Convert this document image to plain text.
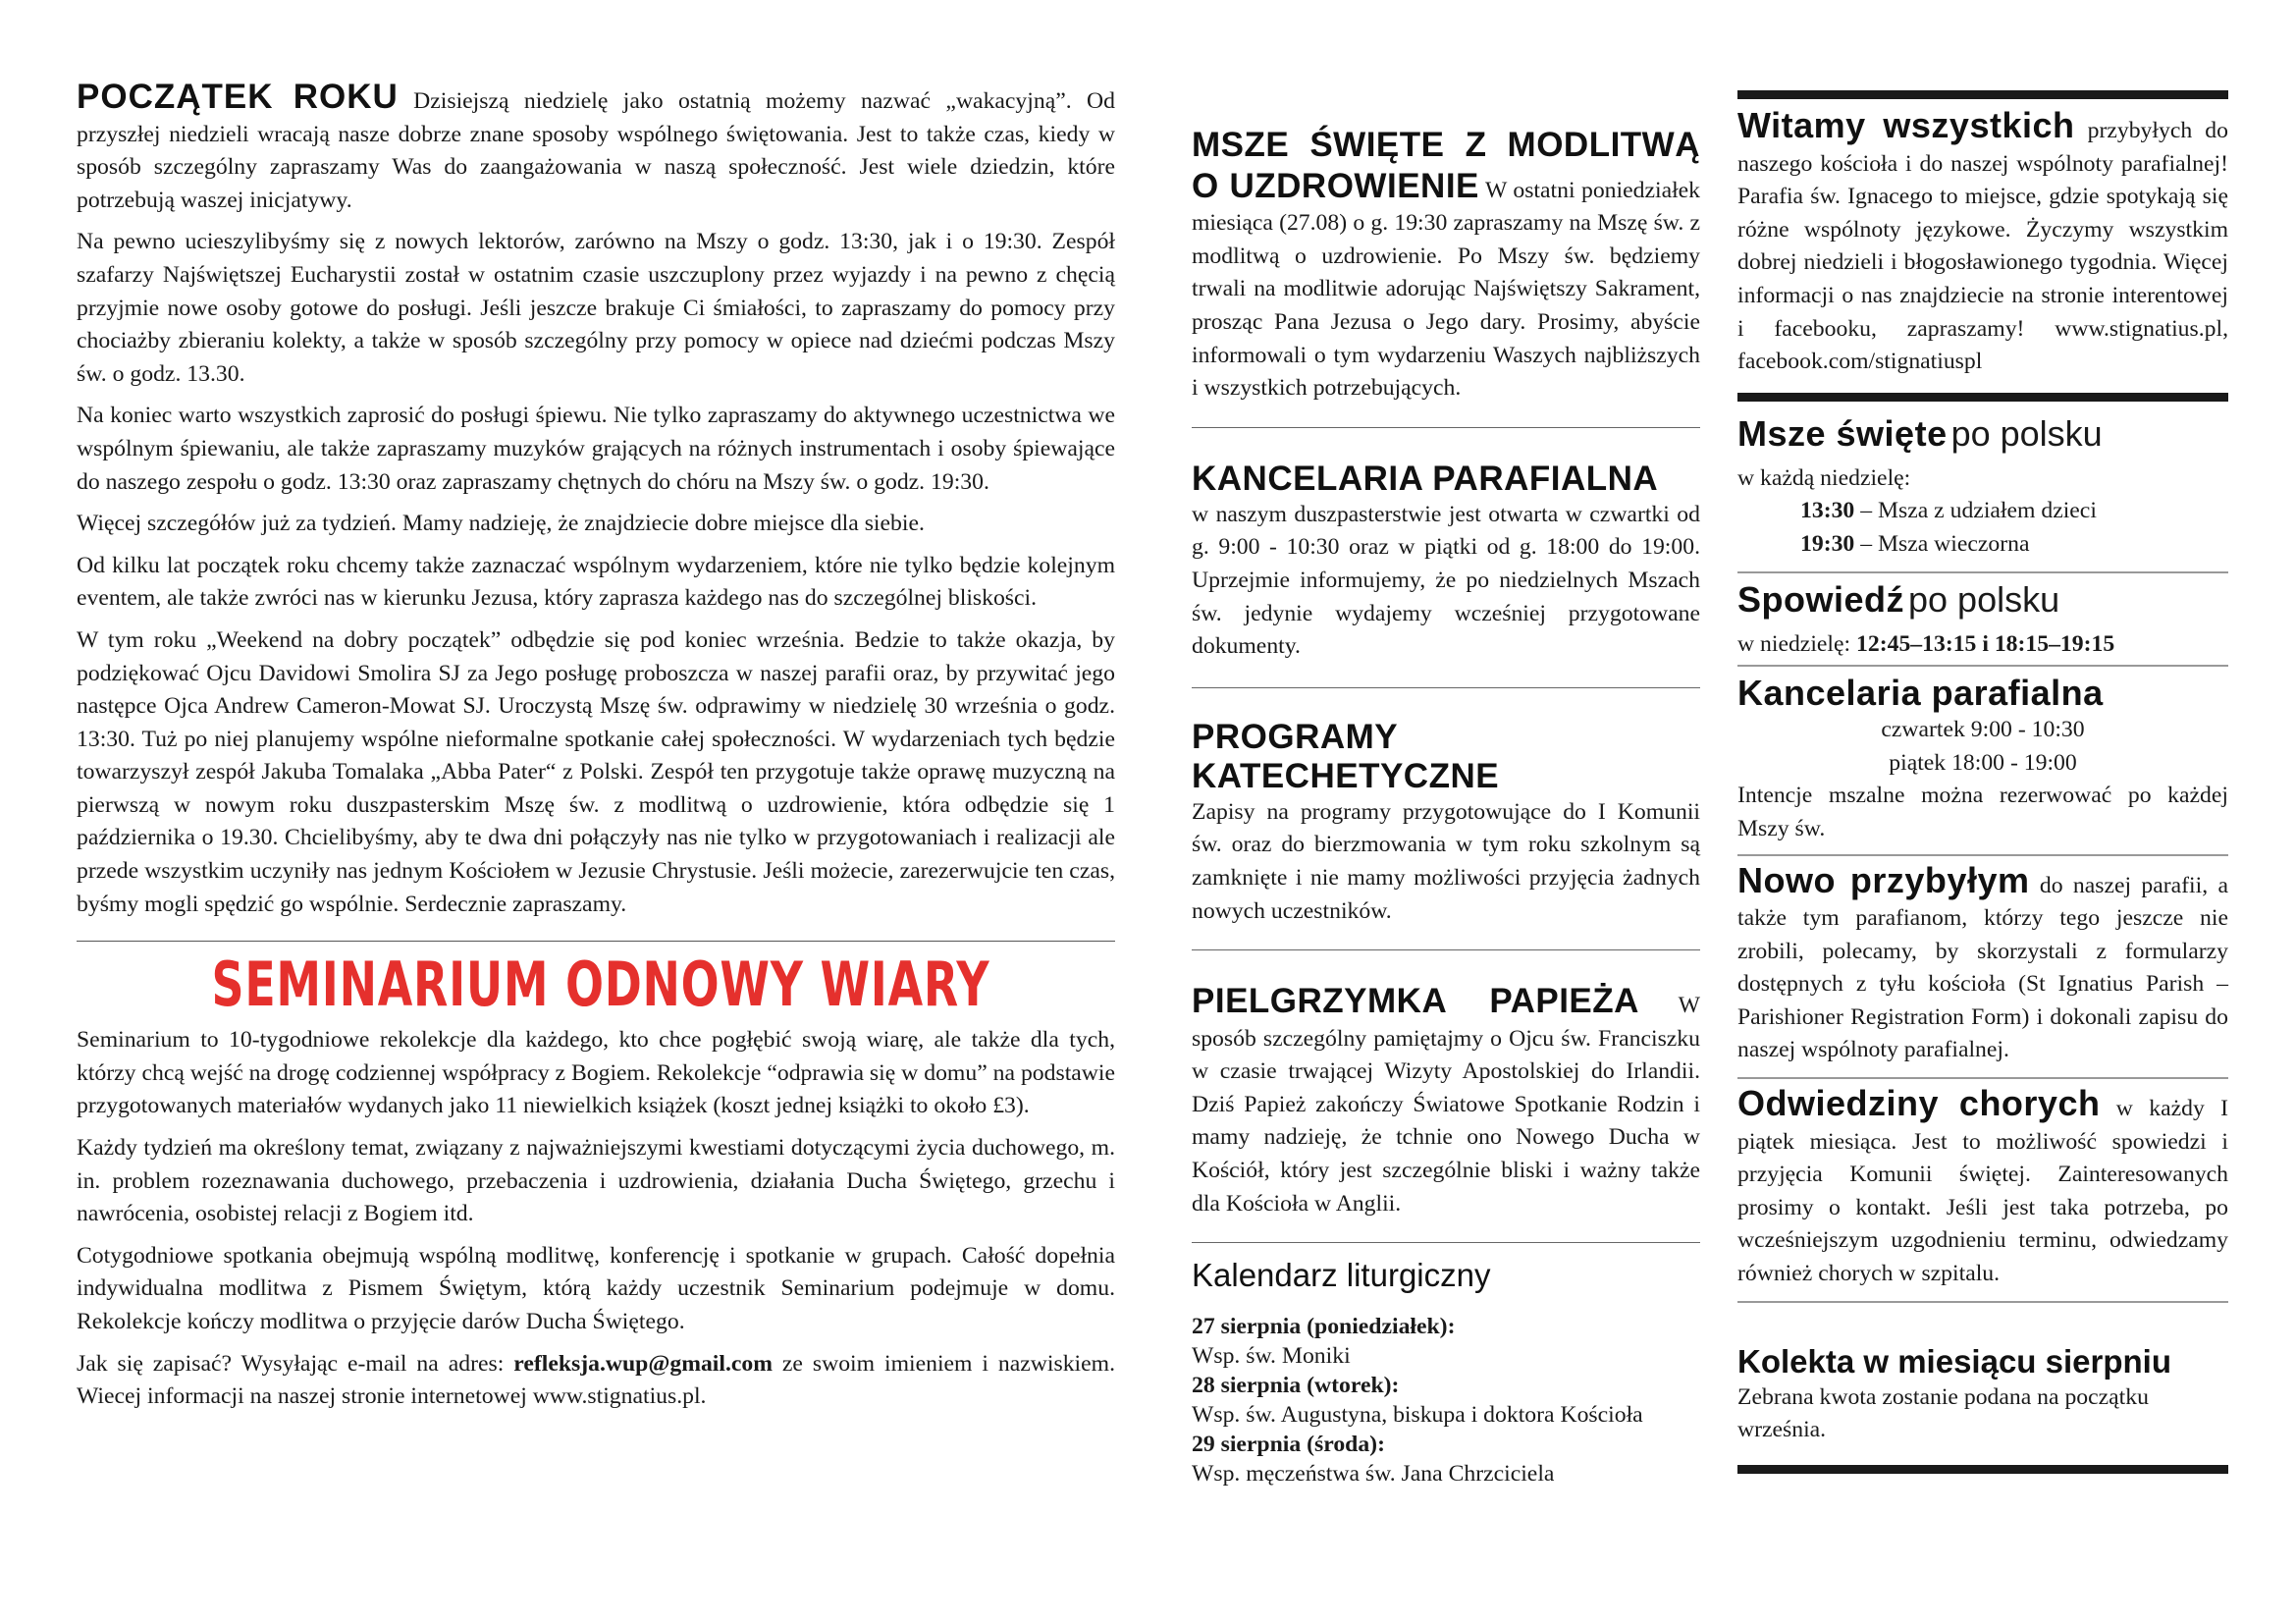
POCZĄTEK ROKU Dzisiejszą niedzielę jako ostatnią możemy nazwać „wakacyjną”. Od przyszłej niedzieli wracają nasze dobrze znane sposoby wspólnego świętowania. Jest to także czas, kiedy w sposób szczególny zapraszamy Was do zaangażowania w naszą społeczność. Jest wiele dziedzin, które potrzebują waszej inicjatywy.

Na pewno ucieszylibyśmy się z nowych lektorów, zarówno na Mszy o godz. 13:30, jak i o 19:30. Zespół szafarzy Najświętszej Eucharystii został w ostatnim czasie uszczuplony przez wyjazdy i na pewno z chęcią przyjmie nowe osoby gotowe do posługi. Jeśli jeszcze brakuje Ci śmiałości, to zapraszamy do pomocy przy chociażby zbieraniu kolekty, a także w sposób szczególny przy pomocy w opiece nad dziećmi podczas Mszy św. o godz. 13.30.

Na koniec warto wszystkich zaprosić do posługi śpiewu. Nie tylko zapraszamy do aktywnego uczestnictwa we wspólnym śpiewaniu, ale także zapraszamy muzyków grających na różnych instrumentach i osoby śpiewające do naszego zespołu o godz. 13:30 oraz zapraszamy chętnych do chóru na Mszy św. o godz. 19:30.

Więcej szczegółów już za tydzień. Mamy nadzieję, że znajdziecie dobre miejsce dla siebie.

Od kilku lat początek roku chcemy także zaznaczać wspólnym wydarzeniem, które nie tylko będzie kolejnym eventem, ale także zwróci nas w kierunku Jezusa, który zaprasza każdego nas do szczególnej bliskości.

W tym roku „Weekend na dobry początek” odbędzie się pod koniec września. Bedzie to także okazja, by podziękować Ojcu Davidowi Smolira SJ za Jego posługę proboszcza w naszej parafii oraz, by przywitać jego następce Ojca Andrew Cameron-Mowat SJ. Uroczystą Mszę św. odprawimy w niedzielę 30 września o godz. 13:30. Tuż po niej planujemy wspólne nieformalne spotkanie całej społeczności. W wydarzeniach tych będzie towarzyszył zespół Jakuba Tomalaka „Abba Pater“ z Polski. Zespół ten przygotuje także oprawę muzyczną na pierwszą w nowym roku duszpasterskim Mszę św. z modlitwą o uzdrowienie, która odbędzie się 1 października o 19.30. Chcielibyśmy, aby te dwa dni połączyły nas nie tylko w przygotowaniach i realizacji ale przede wszystkim uczyniły nas jednym Kościołem w Jezusie Chrystusie. Jeśli możecie, zarezerwujcie ten czas, byśmy mogli spędzić go wspólnie. Serdecznie zapraszamy.

SEMINARIUM ODNOWY WIARY

Seminarium to 10-tygodniowe rekolekcje dla każdego, kto chce pogłębić swoją wiarę, ale także dla tych, którzy chcą wejść na drogę codziennej współpracy z Bogiem. Rekolekcje “odprawia się w domu” na podstawie przygotowanych materiałów wydanych jako 11 niewielkich książek (koszt jednej książki to około £3).

Każdy tydzień ma określony temat, związany z najważniejszymi kwestiami dotyczącymi życia duchowego, m. in. problem rozeznawania duchowego, przebaczenia i uzdrowienia, działania Ducha Świętego, grzechu i nawrócenia, osobistej relacji z Bogiem itd.

Cotygodniowe spotkania obejmują wspólną modlitwę, konferencję i spotkanie w grupach. Całość dopełnia indywidualna modlitwa z Pismem Świętym, którą każdy uczestnik Seminarium podejmuje w domu. Rekolekcje kończy modlitwa o przyjęcie darów Ducha Świętego.

Jak się zapisać? Wysyłając e-mail na adres: refleksja.wup@gmail.com ze swoim imieniem i nazwiskiem. Wiecej informacji na naszej stronie internetowej www.stignatius.pl.

MSZE ŚWIĘTE Z MODLITWĄ O UZDROWIENIE W ostatni poniedziałek miesiąca (27.08) o g. 19:30 zapraszamy na Mszę św. z modlitwą o uzdrowienie. Po Mszy św. będziemy trwali na modlitwie adorując Najświętszy Sakrament, prosząc Pana Jezusa o Jego dary. Prosimy, abyście informowali o tym wydarzeniu Waszych najbliższych i wszystkich potrzebujących.

KANCELARIA PARAFIALNA

w naszym duszpasterstwie jest otwarta w czwartki od g. 9:00 - 10:30 oraz w piątki od g. 18:00 do 19:00. Uprzejmie informujemy, że po niedzielnych Mszach św. jedynie wydajemy wcześniej przygotowane dokumenty.

PROGRAMY KATECHETYCZNE

Zapisy na programy przygotowujące do I Komunii św. oraz do bierzmowania w tym roku szkolnym są zamknięte i nie mamy możliwości przyjęcia żadnych nowych uczestników.

PIELGRZYMKA PAPIEŻA W sposób szczególny pamiętajmy o Ojcu św. Franciszku w czasie trwającej Wizyty Apostolskiej do Irlandii. Dziś Papież zakończy Światowe Spotkanie Rodzin i mamy nadzieję, że tchnie ono Nowego Ducha w Kościół, który jest szczególnie bliski i ważny także dla Kościoła w Anglii.

Kalendarz liturgiczny
27 sierpnia (poniedziałek):
Wsp. św. Moniki
28 sierpnia (wtorek):
Wsp. św. Augustyna, biskupa i doktora Kościoła
29 sierpnia (środa):
Wsp. męczeństwa św. Jana Chrzciciela

Witamy wszystkich przybyłych do naszego kościoła i do naszej wspólnoty parafialnej! Parafia św. Ignacego to miejsce, gdzie spotykają się różne wspólnoty językowe. Życzymy wszystkim dobrej niedzieli i błogosławionego tygodnia. Więcej informacji o nas znajdziecie na stronie interentowej i facebooku, zapraszamy! www.stignatius.pl, facebook.com/stignatiuspl

Msze święte po polsku

w każdą niedzielę:

13:30 – Msza z udziałem dzieci

19:30 – Msza wieczorna

Spowiedź po polsku

w niedzielę: 12:45–13:15 i 18:15–19:15

Kancelaria parafialna

czwartek 9:00 - 10:30

piątek 18:00 - 19:00

Intencje mszalne można rezerwować po każdej Mszy św.

Nowo przybyłym do naszej parafii, a także tym parafianom, którzy tego jeszcze nie zrobili, polecamy, by skorzystali z formularzy dostępnych z tyłu kościoła (St Ignatius Parish – Parishioner Registration Form) i dokonali zapisu do naszej wspólnoty parafialnej.

Odwiedziny chorych w każdy I piątek miesiąca. Jest to możliwość spowiedzi i przyjęcia Komunii świętej. Zainteresowanych prosimy o kontakt. Jeśli jest taka potrzeba, po wcześniejszym uzgodnieniu terminu, odwiedzamy również chorych w szpitalu.

Kolekta w miesiącu sierpniu

Zebrana kwota zostanie podana na początku września.
